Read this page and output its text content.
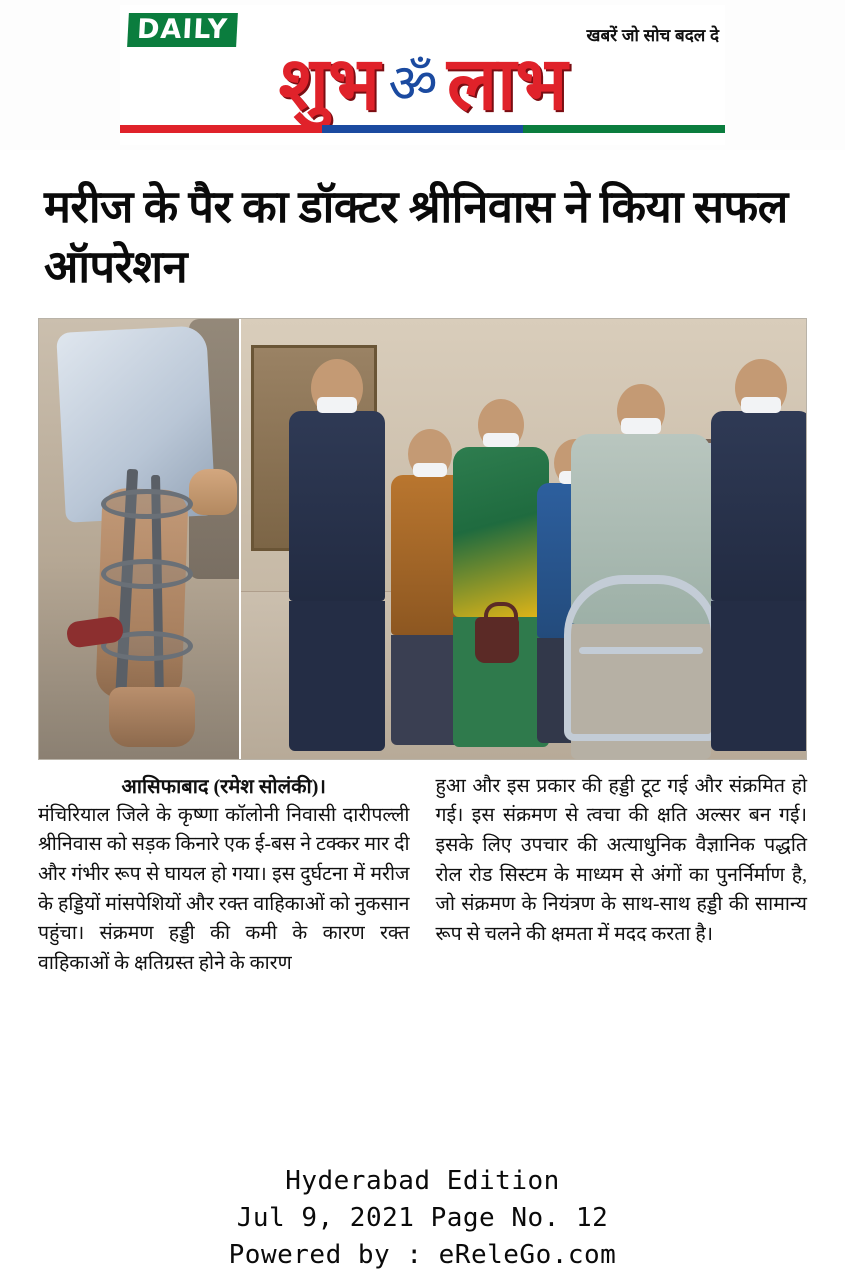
DAILY	खबरें जो सोच बदल दे
शुभ ॐ लाभ
मरीज के पैर का डॉक्टर श्रीनिवास ने किया सफल ऑपरेशन
आसिफाबाद (रमेश सोलंकी)।

मंचिरियाल जिले के कृष्णा कॉलोनी निवासी दारीपल्ली श्रीनिवास को सड़क किनारे एक ई-बस ने टक्कर मार दी और गंभीर रूप से घायल हो गया। इस दुर्घटना में मरीज के हड्डियों मांसपेशियों और रक्त वाहिकाओं को नुकसान पहुंचा। संक्रमण हड्डी की कमी के कारण रक्त वाहिकाओं के क्षतिग्रस्त होने के कारण

हुआ और इस प्रकार की हड्डी टूट गई और संक्रमित हो गई। इस संक्रमण से त्वचा की क्षति अल्सर बन गई। इसके लिए उपचार की अत्याधुनिक वैज्ञानिक पद्धति रोल रोड सिस्टम के माध्यम से अंगों का पुनर्निर्माण है, जो संक्रमण के नियंत्रण के साथ-साथ हड्डी की सामान्य रूप से चलने की क्षमता में मदद करता है।

Hyderabad Edition
Jul 9, 2021 Page No. 12
Powered by : eReleGo.com
